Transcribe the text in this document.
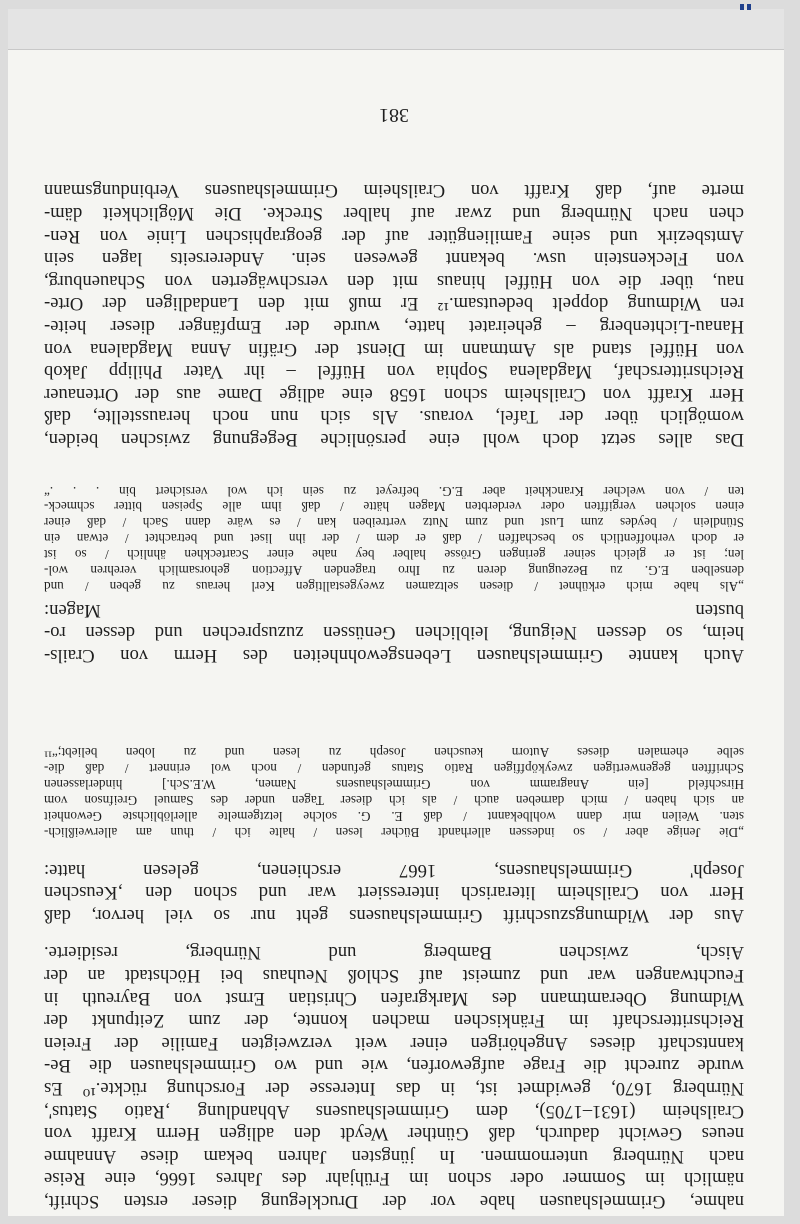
nahme, Grimmelshausen habe vor der Drucklegung dieser ersten Schrift,
nämlich im Sommer oder schon im Frühjahr des Jahres 1666, eine Reise
nach Nürnberg unternommen. In jüngsten Jahren bekam diese Annahme
neues Gewicht dadurch, daß Günther Weydt den adligen Herrn Krafft von
Crailsheim (1631–1705), dem Grimmelshausens Abhandlung ‚Ratio Status',
Nürnberg 1670, gewidmet ist, in das Interesse der Forschung rückte.¹⁰ Es
wurde zurecht die Frage aufgeworfen, wie und wo Grimmelshausen die Be-
kanntschaft dieses Angehörigen einer weit verzweigten Familie der Freien
Reichsritterschaft im Fränkischen machen konnte, der zum Zeitpunkt der
Widmung Oberamtmann des Markgrafen Christian Ernst von Bayreuth in
Feuchtwangen war und zumeist auf Schloß Neuhaus bei Höchstadt an der
Aisch, zwischen Bamberg und Nürnberg, residierte.

Aus der Widmungszuschrift Grimmelshausens geht nur so viel hervor, daß
Herr von Crailsheim literarisch interessiert war und schon den ‚Keuschen
Joseph' Grimmelshausens, 1667 erschienen, gelesen hatte:

„Die Jenige aber / so indessen allerhandt Bücher lesen / halte ich / thun am allerweißlich-
sten. Weilen mir dann wohlbekannt / daß E. G. solche letztgemelte allerlöblichste Gewonheit
an sich haben / mich darneben auch / als ich dieser Tagen under des Samuel Greifnson vom
Hirschfeld [ein Anagramm von Grimmelshausens Namen, W.E.Sch.] hinderlassenen
Schrifften gegenwertigen zweyköpffigen Ratio Status gefunden / noch wol erinnert / daß die-
selbe ehemalen dieses Autorn keuschen Joseph zu lesen und zu loben beliebt;“¹¹

Auch kannte Grimmelshausen Lebensgewohnheiten des Herrn von Crails-
heim, so dessen Neigung, leiblichen Genüssen zuzusprechen und dessen ro-
busten Magen:

„Als habe mich erkühnet / diesen seltzamen zweygestalltigen Kerl heraus zu geben / und
denselben E.G. zu Bezeugung deren zu Ihro tragenden Affection gehorsamlich verehren wol-
len; ist er gleich seiner geringen Grösse halber bey nahe einer Scarteckhen ähnlich / so ist
er doch verhoffentlich so beschaffen / daß er dem / der ihn liset und betrachtet / etwan ein
Stündlein / beydes zum Lust und zum Nutz vertreiben kan / es wäre dann Sach / daß einer
einen solchen vergifften oder verderbten Magen hätte / daß ihm alle Speisen bitter schmeck-
ten / von welcher Kranckheit aber E.G. befreyet zu sein ich wol versichert bin . . .“

Das alles setzt doch wohl eine persönliche Begegnung zwischen beiden,
womöglich über der Tafel, voraus. Als sich nun noch herausstellte, daß
Herr Krafft von Crailsheim schon 1658 eine adlige Dame aus der Ortenauer
Reichsritterschaf, Magdalena Sophia von Hüffel – ihr Vater Philipp Jakob
von Hüffel stand als Amtmann im Dienst der Gräfin Anna Magdalena von
Hanau-Lichtenberg – geheiratet hatte, wurde der Empfänger dieser heite-
ren Widmung doppelt bedeutsam.¹² Er muß mit den Landadligen der Orte-
nau, über die von Hüffel hinaus mit den verschwägerten von Schauenburg,
von Fleckenstein usw. bekannt gewesen sein. Andererseits lagen sein
Amtsbezirk und seine Familiengüter auf der geographischen Linie von Ren-
chen nach Nürnberg und zwar auf halber Strecke. Die Möglichkeit däm-
merte auf, daß Krafft von Crailsheim Grimmelshausens Verbindungsmann

381
